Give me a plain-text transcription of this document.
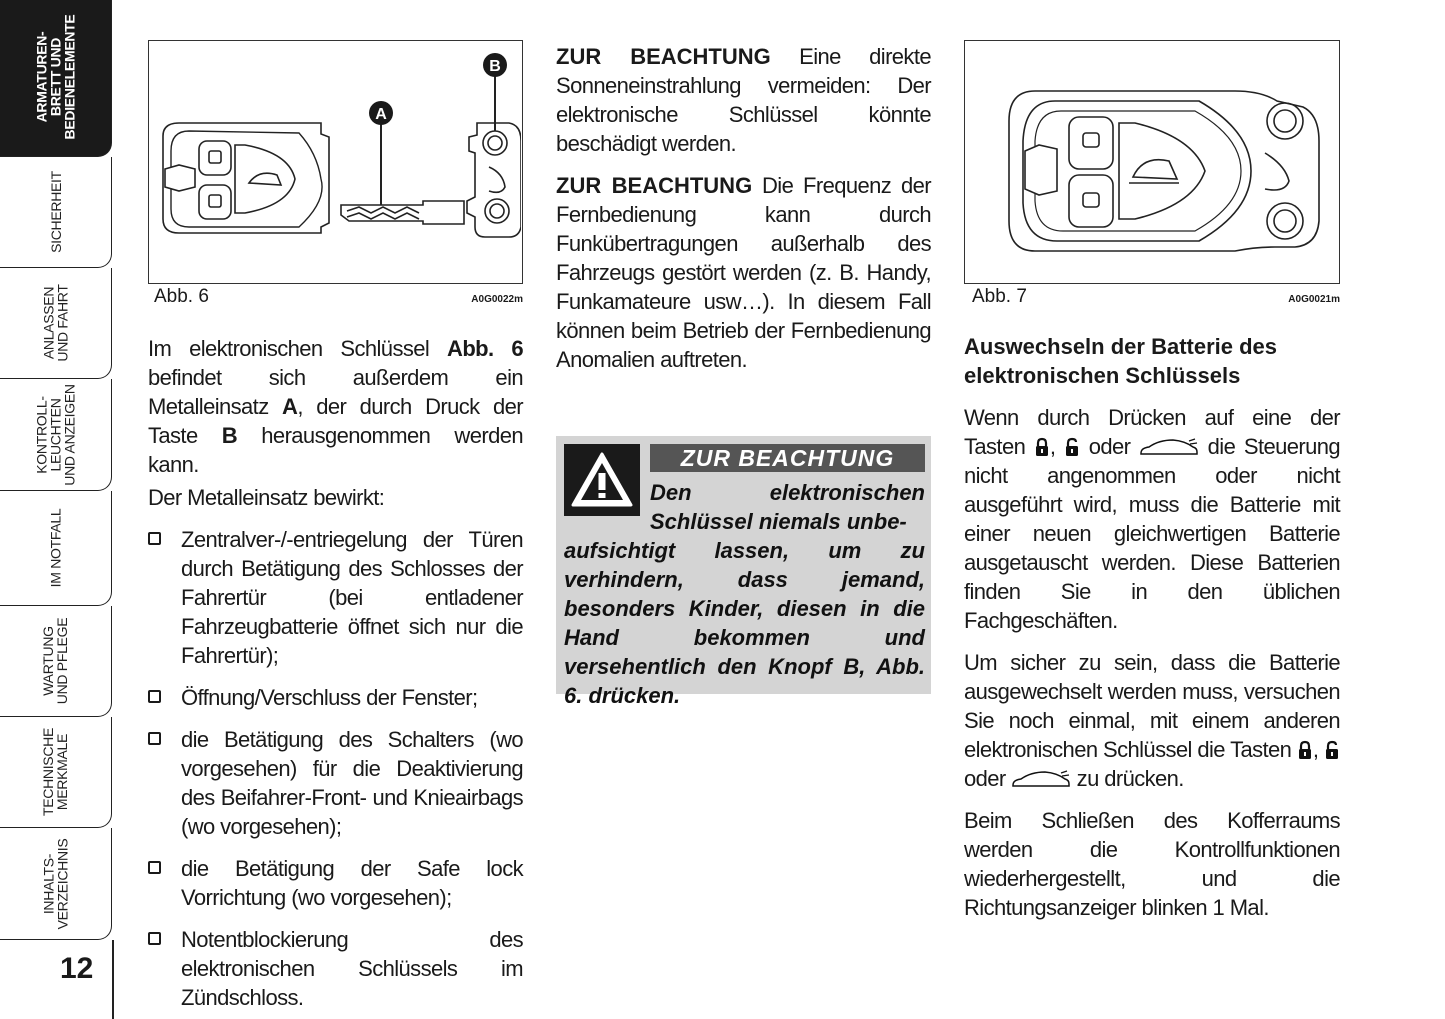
ARMATUREN-
BRETT UND
BEDIENELEMENTE
SICHERHEIT
ANLASSEN
UND FAHRT
KONTROLL-
LEUCHTEN
UND ANZEIGEN
IM NOTFALL
WARTUNG
UND PFLEGE
TECHNISCHE
MERKMALE
INHALTS-
VERZEICHNIS
12
A
B
Abb. 6	A0G0022m
Im elektronischen Schlüssel Abb. 6 befindet sich außerdem ein Metalleinsatz A, der durch Druck der Taste B herausgenommen werden kann.
Der Metalleinsatz bewirkt:
Zentralver-/-entriegelung der Türen durch Betätigung des Schlosses der Fahrertür (bei entladener Fahrzeugbatterie öffnet sich nur die Fahrertür);
Öffnung/Verschluss der Fenster;
die Betätigung des Schalters (wo vorgesehen) für die Deaktivierung des Beifahrer-Front- und Knieairbags (wo vorgesehen);
die Betätigung der Safe lock Vorrichtung (wo vorgesehen);
Notentblockierung des elektronischen Schlüssels im Zündschloss.
ZUR BEACHTUNG Eine direkte Sonneneinstrahlung vermeiden: Der elektronische Schlüssel könnte beschädigt werden.
ZUR BEACHTUNG Die Frequenz der Fernbedienung kann durch Funkübertragungen außerhalb des Fahrzeugs gestört werden (z. B. Handy, Funkamateure usw…). In diesem Fall können beim Betrieb der Fernbedienung Anomalien auftreten.
ZUR BEACHTUNG
Den elektronischen Schlüssel niemals unbe-
aufsichtigt lassen, um zu verhindern, dass jemand, besonders Kinder, diesen in die Hand bekommen und versehentlich den Knopf B, Abb. 6. drücken.
Abb. 7	A0G0021m
Auswechseln der Batterie des elektronischen Schlüssels
Wenn durch Drücken auf eine der Tasten ,  oder	die Steuerung nicht angenommen oder nicht ausgeführt wird, muss die Batterie mit einer neuen gleichwertigen Batterie ausgetauscht werden. Diese Batterien finden Sie in den üblichen Fachgeschäften.
Um sicher zu sein, dass die Batterie ausgewechselt werden muss, versuchen Sie noch einmal, mit einem anderen elektronischen Schlüssel die Tasten ,  oder	zu drücken.
Beim Schließen des Kofferraums werden die Kontrollfunktionen wiederhergestellt, und die Richtungsanzeiger blinken 1 Mal.
